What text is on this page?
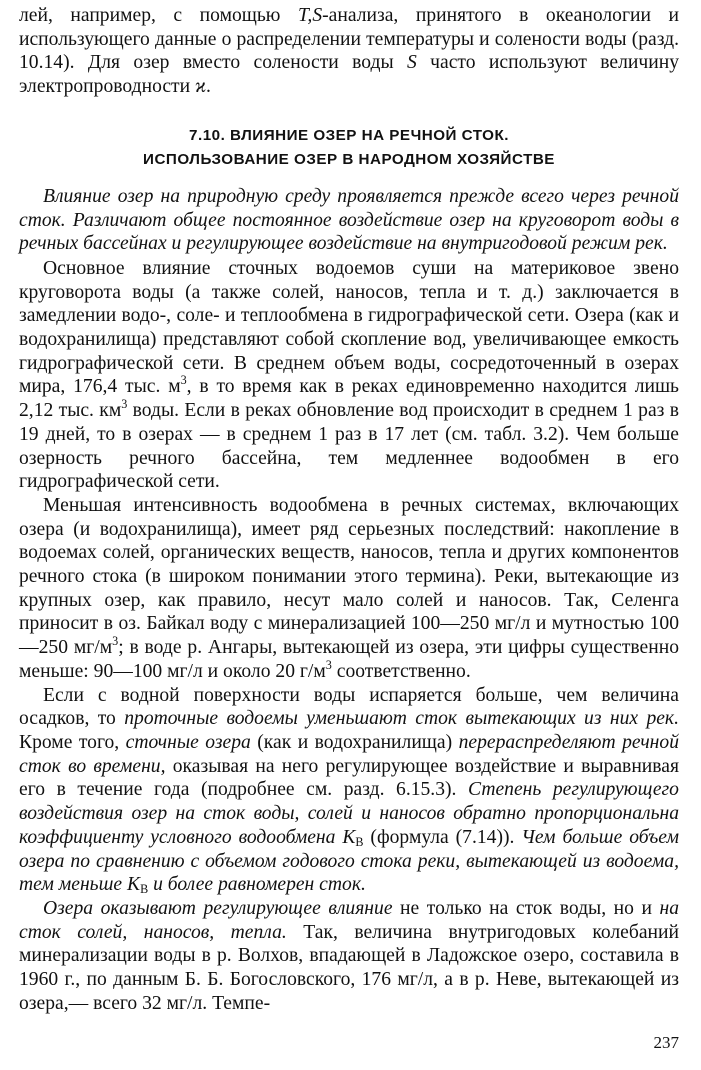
лей, например, с помощью T,S-анализа, принятого в океанологии и использующего данные о распределении температуры и солености воды (разд. 10.14). Для озер вместо солености воды S часто используют величину электропроводности ϰ.

7.10. ВЛИЯНИЕ ОЗЕР НА РЕЧНОЙ СТОК.
ИСПОЛЬЗОВАНИЕ ОЗЕР В НАРОДНОМ ХОЗЯЙСТВЕ

Влияние озер на природную среду проявляется прежде всего через речной сток. Различают общее постоянное воздействие озер на круговорот воды в речных бассейнах и регулирующее воздействие на внутригодовой режим рек.

Основное влияние сточных водоемов суши на материковое звено круговорота воды (а также солей, наносов, тепла и т. д.) заключается в замедлении водо-, соле- и теплообмена в гидрографической сети. Озера (как и водохранилища) представляют собой скопление вод, увеличивающее емкость гидрографической сети. В среднем объем воды, сосредоточенный в озерах мира, 176,4 тыс. $м^3$, в то время как в реках единовременно находится лишь 2,12 тыс. $км^3$ воды. Если в реках обновление вод происходит в среднем 1 раз в 19 дней, то в озерах — в среднем 1 раз в 17 лет (см. табл. 3.2). Чем больше озерность речного бассейна, тем медленнее водообмен в его гидрографической сети.

Меньшая интенсивность водообмена в речных системах, включающих озера (и водохранилища), имеет ряд серьезных последствий: накопление в водоемах солей, органических веществ, наносов, тепла и других компонентов речного стока (в широком понимании этого термина). Реки, вытекающие из крупных озер, как правило, несут мало солей и наносов. Так, Селенга приносит в оз. Байкал воду с минерализацией 100—250 мг/л и мутностью 100—250 $мг/м^3$; в воде р. Ангары, вытекающей из озера, эти цифры существенно меньше: 90—100 мг/л и около 20 $г/м^3$ соответственно.

Если с водной поверхности воды испаряется больше, чем величина осадков, то проточные водоемы уменьшают сток вытекающих из них рек. Кроме того, сточные озера (как и водохранилища) перераспределяют речной сток во времени, оказывая на него регулирующее воздействие и выравнивая его в течение года (подробнее см. разд. 6.15.3). Степень регулирующего воздействия озер на сток воды, солей и наносов обратно пропорциональна коэффициенту условного водообмена $K_В$ (формула (7.14)). Чем больше объем озера по сравнению с объемом годового стока реки, вытекающей из водоема, тем меньше $K_В$ и более равномерен сток.

Озера оказывают регулирующее влияние не только на сток воды, но и на сток солей, наносов, тепла. Так, величина внутригодовых колебаний минерализации воды в р. Волхов, впадающей в Ладожское озеро, составила в 1960 г., по данным Б. Б. Богословского, 176 мг/л, а в р. Неве, вытекающей из озера,— всего 32 мг/л. Темпе-

237
